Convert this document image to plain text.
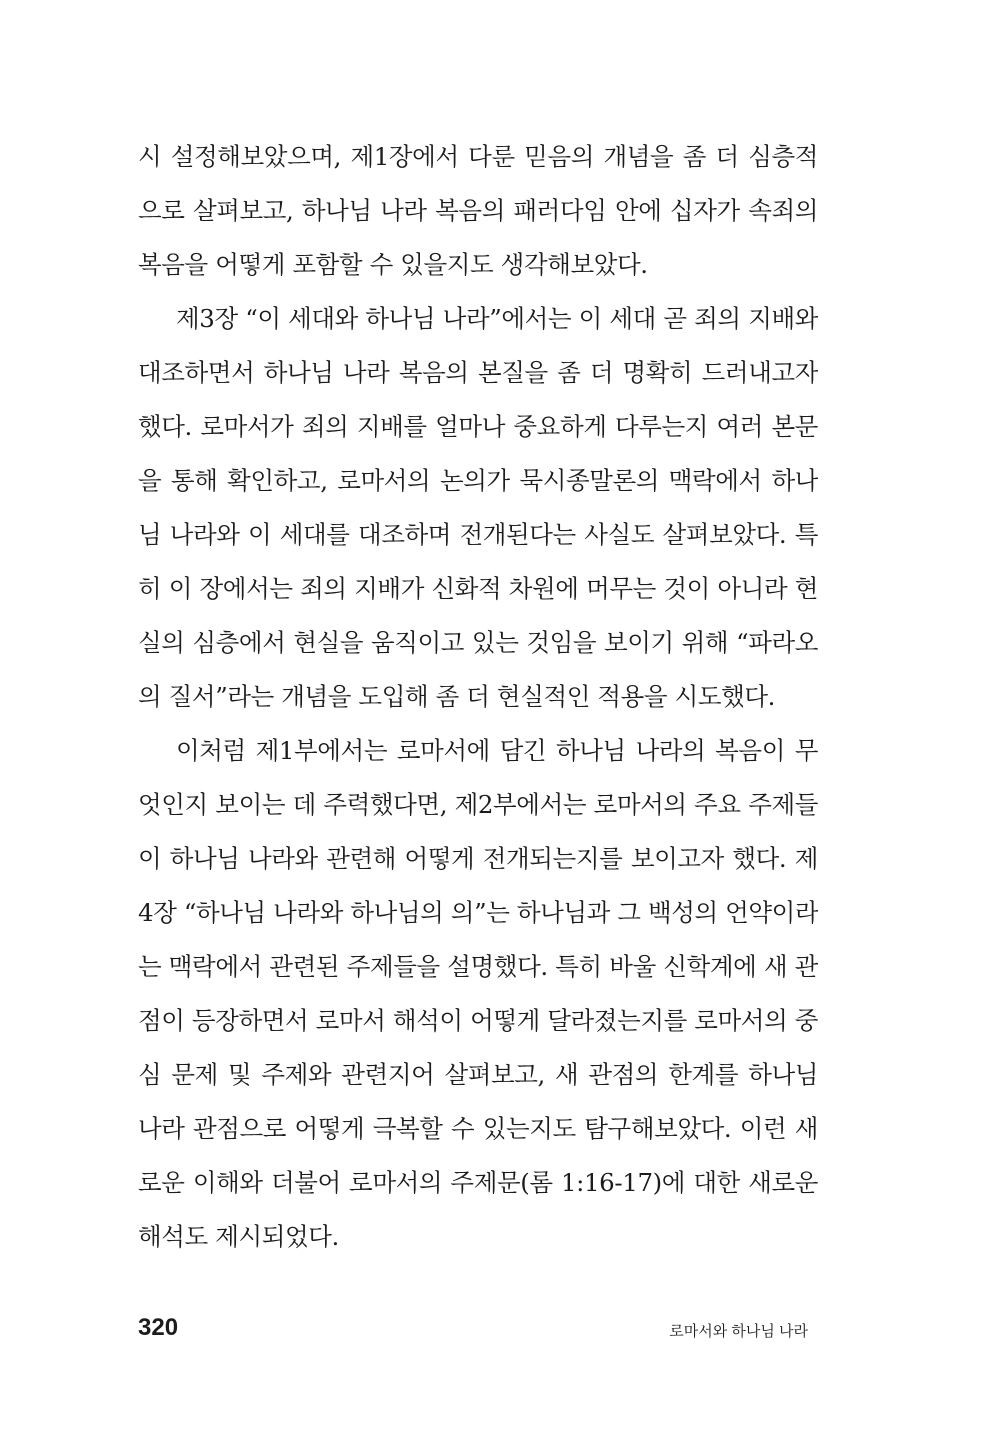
시 설정해보았으며, 제1장에서 다룬 믿음의 개념을 좀 더 심층적
으로 살펴보고, 하나님 나라 복음의 패러다임 안에 십자가 속죄의
복음을 어떻게 포함할 수 있을지도 생각해보았다.
제3장 “이 세대와 하나님 나라”에서는 이 세대 곧 죄의 지배와
대조하면서 하나님 나라 복음의 본질을 좀 더 명확히 드러내고자
했다. 로마서가 죄의 지배를 얼마나 중요하게 다루는지 여러 본문
을 통해 확인하고, 로마서의 논의가 묵시종말론의 맥락에서 하나
님 나라와 이 세대를 대조하며 전개된다는 사실도 살펴보았다. 특
히 이 장에서는 죄의 지배가 신화적 차원에 머무는 것이 아니라 현
실의 심층에서 현실을 움직이고 있는 것임을 보이기 위해 “파라오
의 질서”라는 개념을 도입해 좀 더 현실적인 적용을 시도했다.
이처럼 제1부에서는 로마서에 담긴 하나님 나라의 복음이 무
엇인지 보이는 데 주력했다면, 제2부에서는 로마서의 주요 주제들
이 하나님 나라와 관련해 어떻게 전개되는지를 보이고자 했다. 제
4장 “하나님 나라와 하나님의 의”는 하나님과 그 백성의 언약이라
는 맥락에서 관련된 주제들을 설명했다. 특히 바울 신학계에 새 관
점이 등장하면서 로마서 해석이 어떻게 달라졌는지를 로마서의 중
심 문제 및 주제와 관련지어 살펴보고, 새 관점의 한계를 하나님
나라 관점으로 어떻게 극복할 수 있는지도 탐구해보았다. 이런 새
로운 이해와 더불어 로마서의 주제문(롬 1:16-17)에 대한 새로운
해석도 제시되었다.
320	로마서와 하나님 나라
